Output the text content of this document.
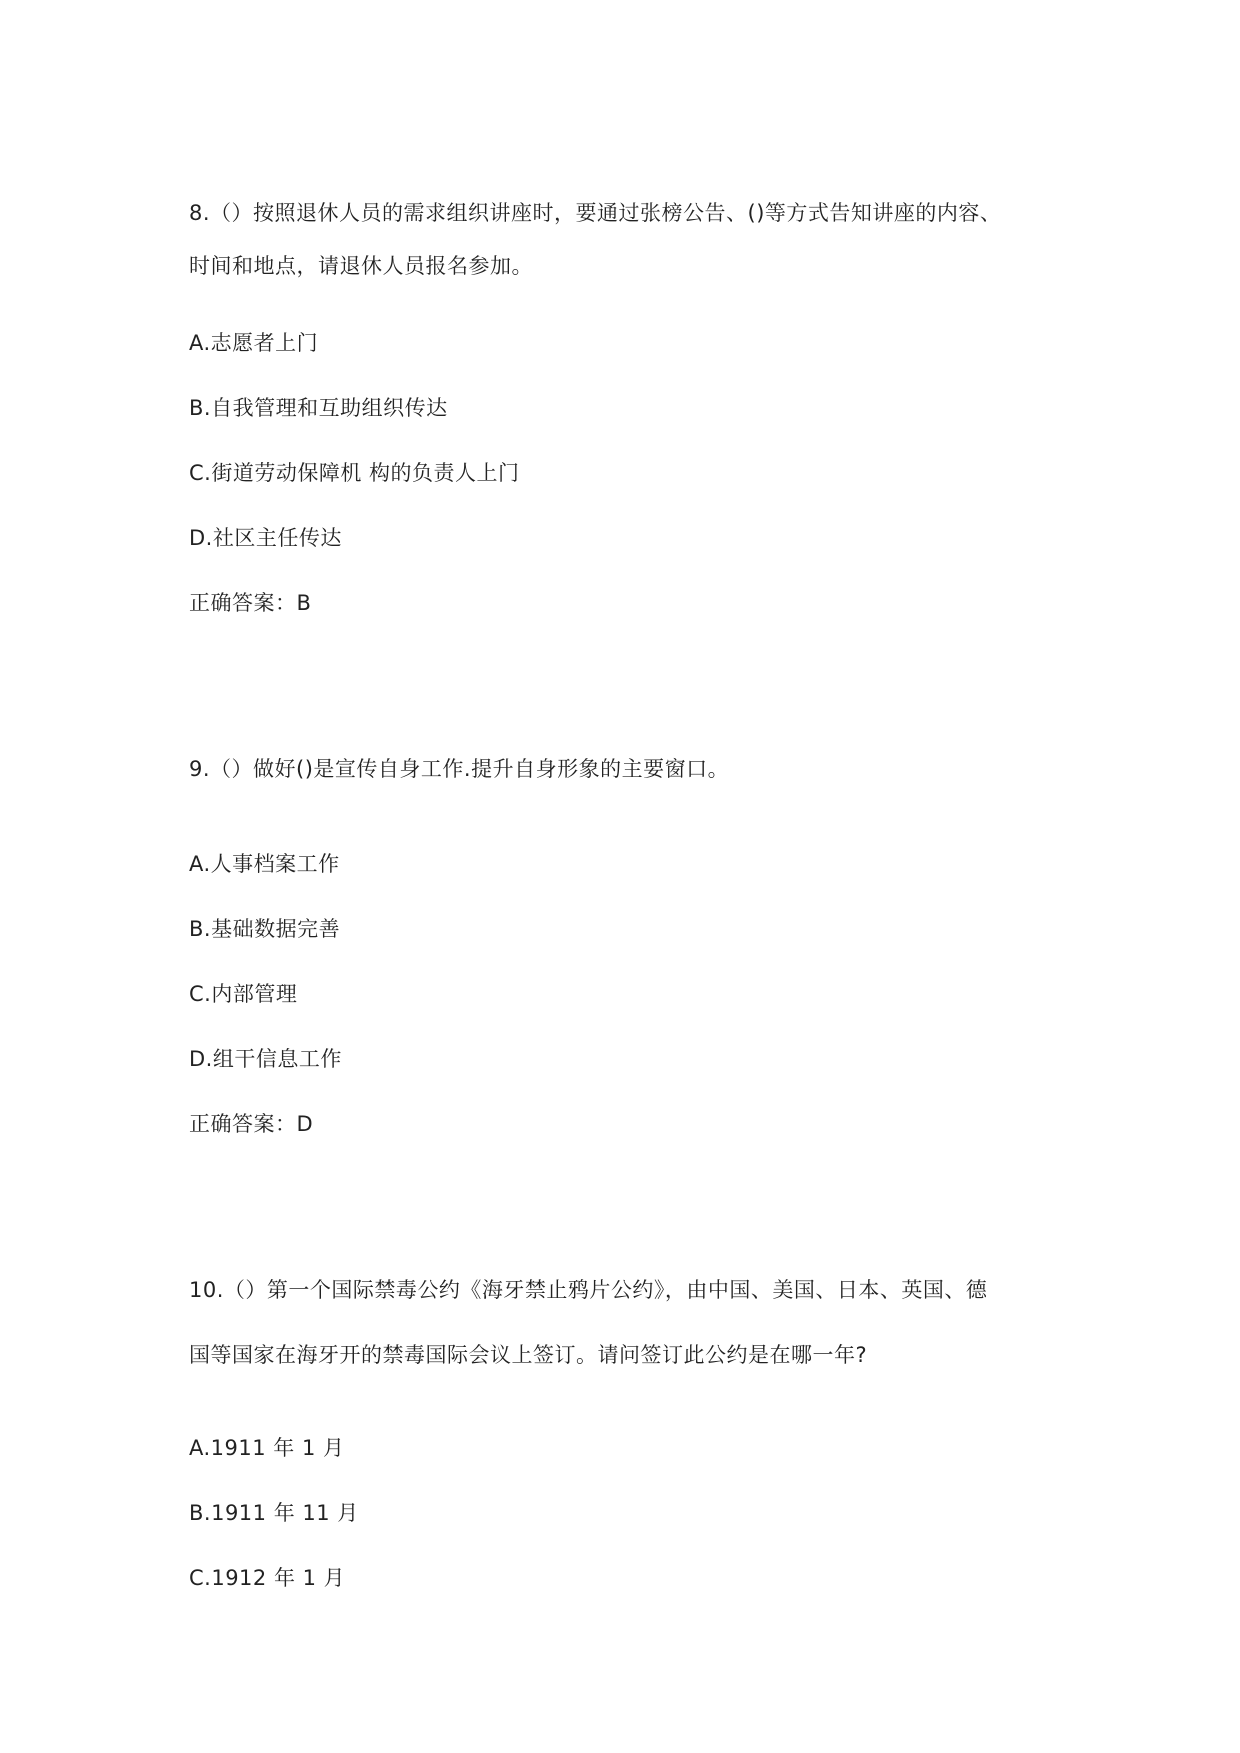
8.（）按照退休人员的需求组织讲座时，要通过张榜公告、()等方式告知讲座的内容、
时间和地点，请退休人员报名参加。
A.志愿者上门
B.自我管理和互助组织传达
C.街道劳动保障机 构的负责人上门
D.社区主任传达
正确答案：B
9.（）做好()是宣传自身工作.提升自身形象的主要窗口。
A.人事档案工作
B.基础数据完善
C.内部管理
D.组干信息工作
正确答案：D
10.（）第一个国际禁毒公约《海牙禁止鸦片公约》，由中国、美国、日本、英国、德
国等国家在海牙开的禁毒国际会议上签订。请问签订此公约是在哪一年?
A.1911 年 1 月
B.1911 年 11 月
C.1912 年 1 月
